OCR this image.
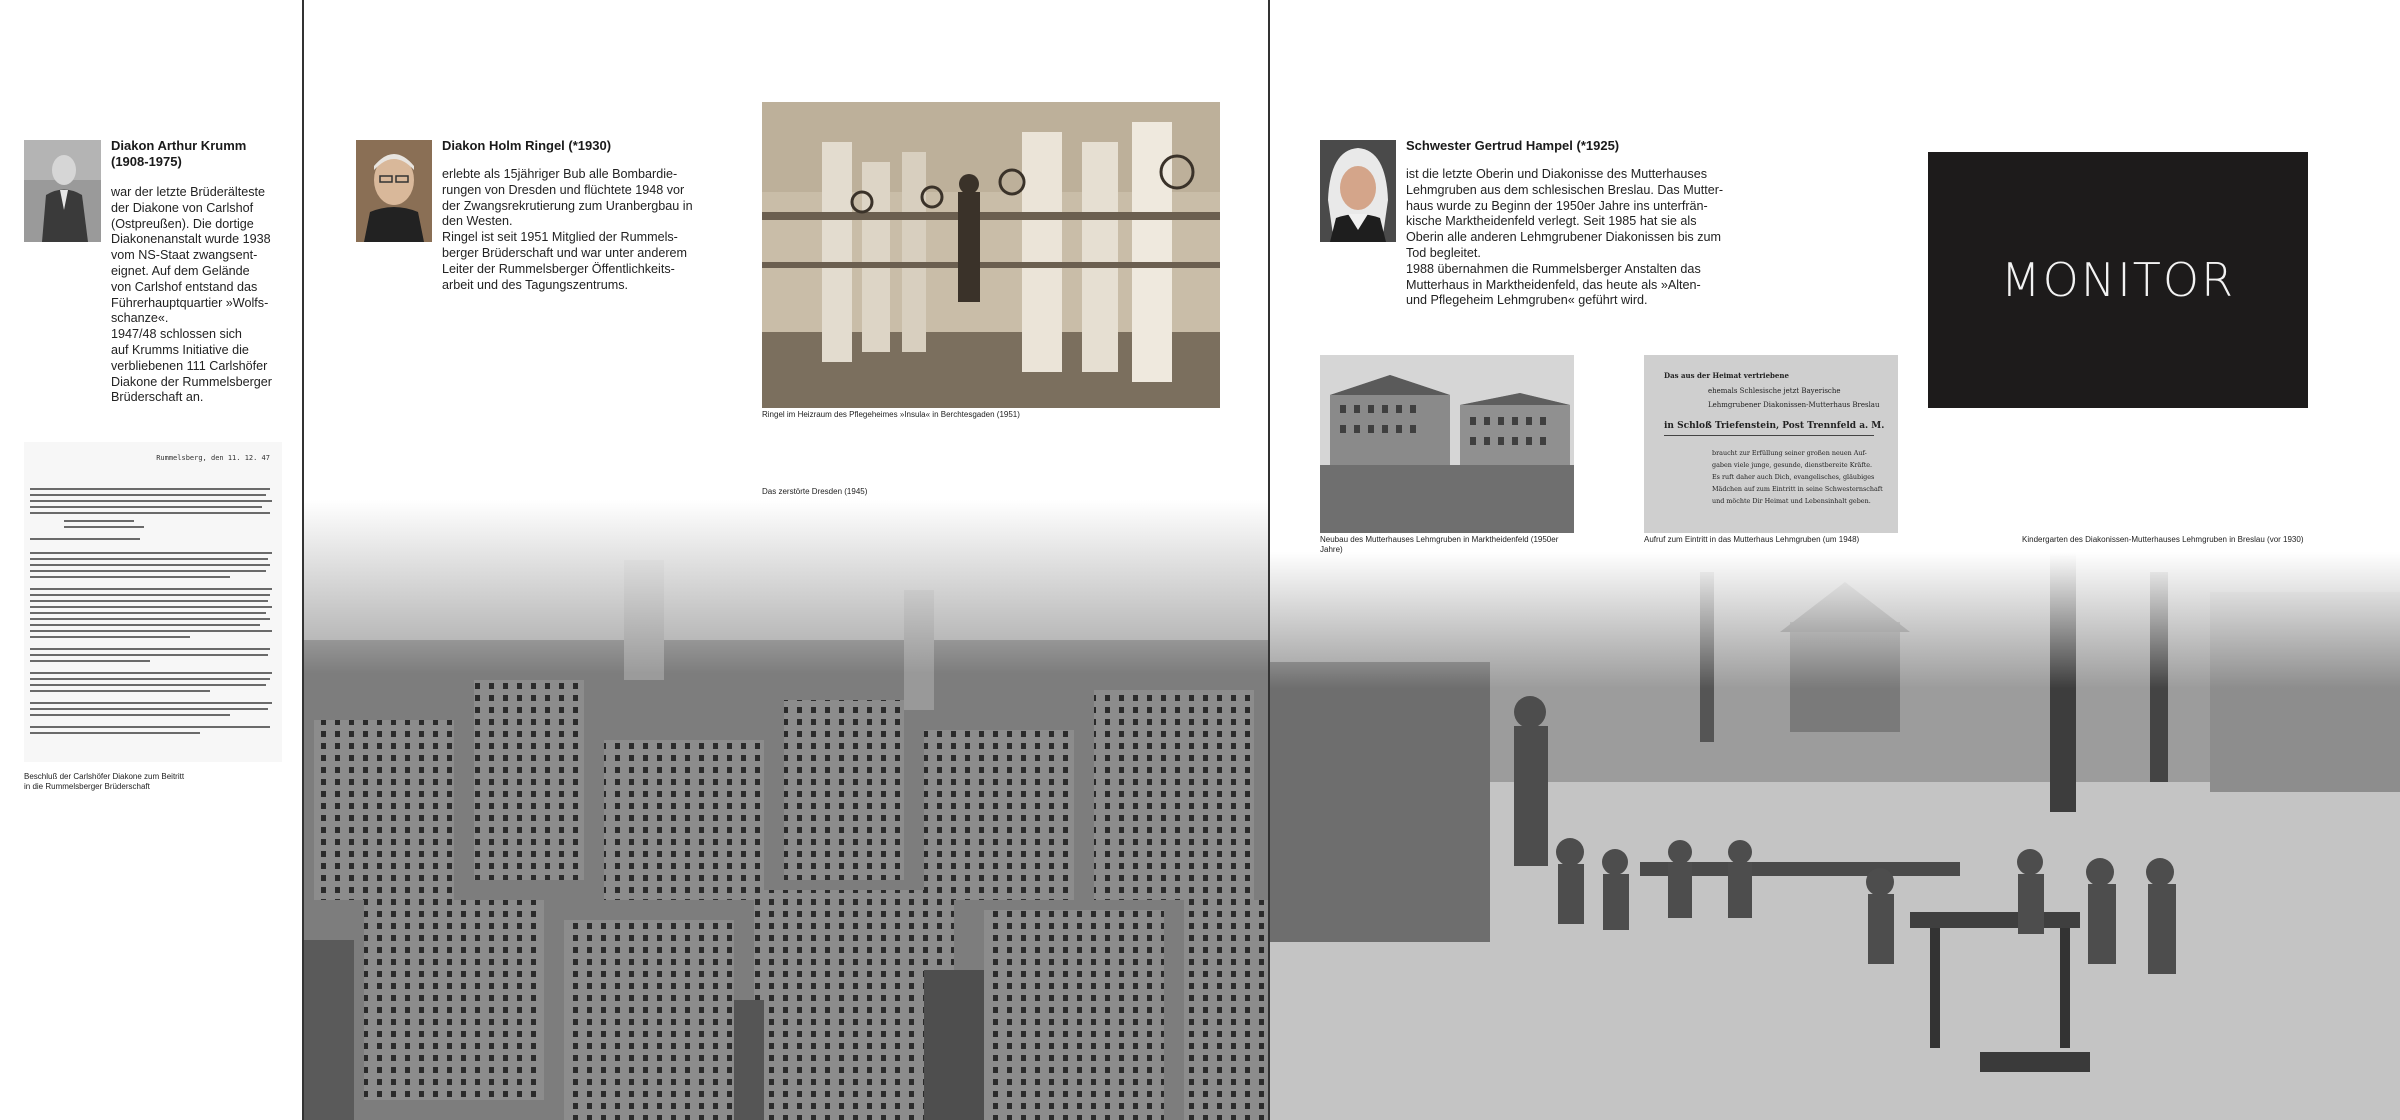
Diakon Arthur Krumm
(1908-1975)
war der letzte Brüderälteste
der Diakone von Carlshof
(Ostpreußen). Die dortige
Diakonenanstalt wurde 1938
vom NS-Staat zwangsent-
eignet. Auf dem Gelände
von Carlshof entstand das
Führerhauptquartier »Wolfs-
schanze«.
1947/48 schlossen sich
auf Krumms Initiative die
verbliebenen 111 Carlshöfer
Diakone der Rummelsberger
Brüderschaft an.
Rummelsberg, den 11. 12. 47
Beschluß der Carlshöfer Diakone zum Beitritt
in die Rummelsberger Brüderschaft
Diakon Holm Ringel (*1930)
erlebte als 15jähriger Bub alle Bombardie-
rungen von Dresden und flüchtete 1948 vor
der Zwangsrekrutierung zum Uranbergbau in
den Westen.
Ringel ist seit 1951 Mitglied der Rummels-
berger Brüderschaft und war unter anderem
Leiter der Rummelsberger Öffentlichkeits-
arbeit und des Tagungszentrums.
Ringel im Heizraum des Pflegeheimes »Insula« in Berchtesgaden (1951)
Das zerstörte Dresden (1945)
Schwester Gertrud Hampel (*1925)
ist die letzte Oberin und Diakonisse des Mutterhauses
Lehmgruben aus dem schlesischen Breslau. Das Mutter-
haus wurde zu Beginn der 1950er Jahre ins unterfrän-
kische Marktheidenfeld verlegt. Seit 1985 hat sie als
Oberin alle anderen Lehmgrubener Diakonissen bis zum
Tod begleitet.
1988 übernahmen die Rummelsberger Anstalten das
Mutterhaus in Marktheidenfeld, das heute als »Alten-
und Pflegeheim Lehmgruben« geführt wird.	MONITOR
Neubau des Mutterhauses Lehmgruben in Marktheidenfeld (1950er Jahre)
Das aus der Heimat vertriebene
ehemals Schlesische jetzt Bayerische
Lehmgrubener Diakonissen-Mutterhaus Breslau
in Schloß Triefenstein, Post Trennfeld a. M.
braucht zur Erfüllung seiner großen neuen Auf-
gaben viele junge, gesunde, dienstbereite Kräfte.
Es ruft daher auch Dich, evangelisches, gläubiges
Mädchen auf zum Eintritt in seine Schwesternschaft
und möchte Dir Heimat und Lebensinhalt geben.
Aufruf zum Eintritt in das Mutterhaus Lehmgruben (um 1948)	Kindergarten des Diakonissen-Mutterhauses Lehmgruben in Breslau (vor 1930)
